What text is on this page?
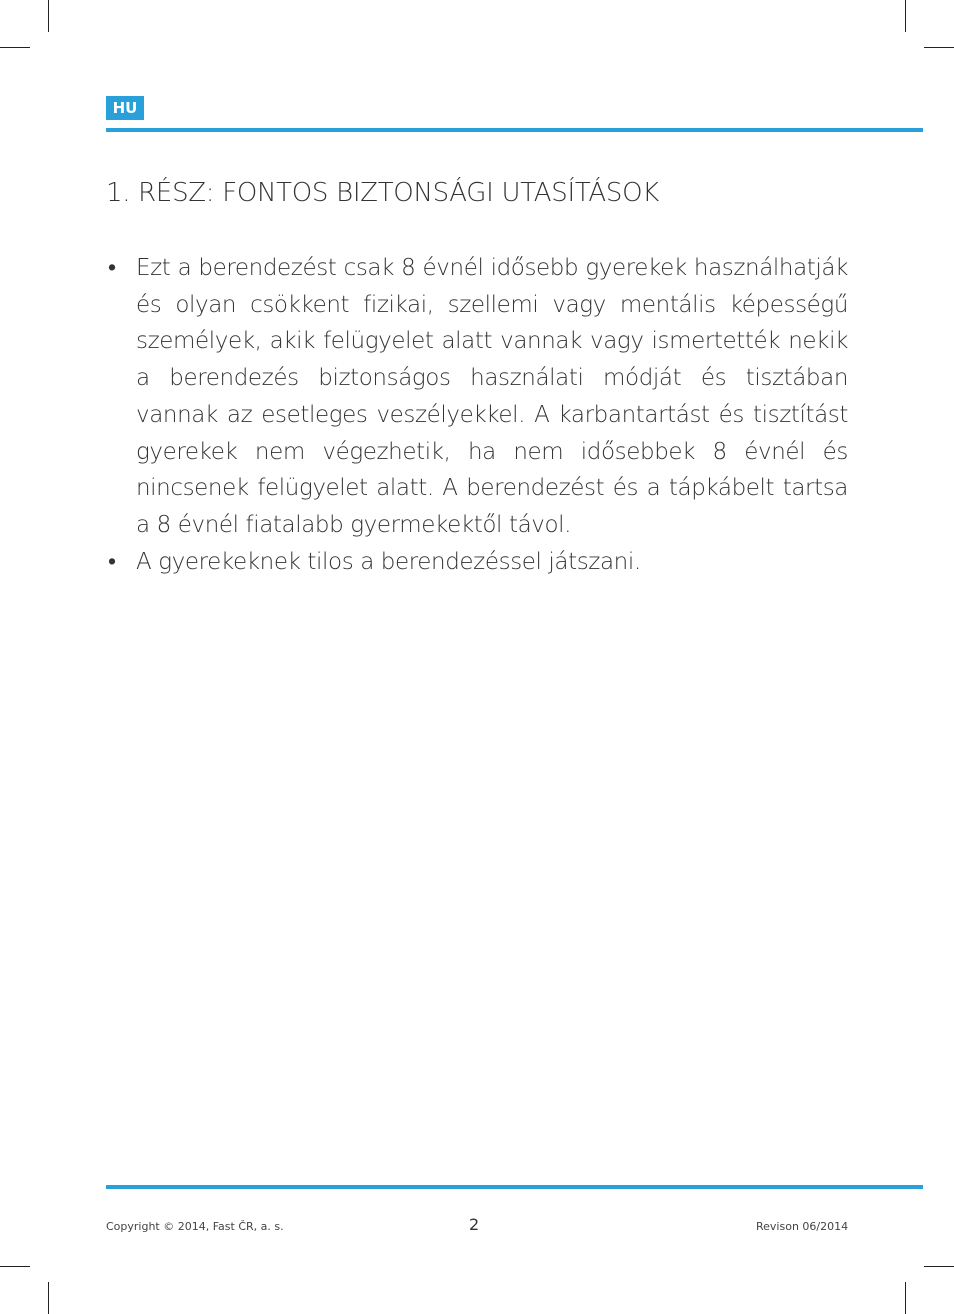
HU
1. RÉSZ: FONTOS BIZTONSÁGI UTASÍTÁSOK
• Ezt a berendezést csak 8 évnél idősebb gyerekek használhatják és olyan csökkent fizikai, szellemi vagy mentális képességű személyek, akik felügyelet alatt vannak vagy ismertették nekik a berendezés biztonságos használati módját és tisztában vannak az esetleges veszélyekkel. A karbantartást és tisztítást gyerekek nem végezhetik, ha nem idősebbek 8 évnél és nincsenek felügyelet alatt. A berendezést és a tápkábelt tartsa a 8 évnél fiatalabb gyermekektől távol.
• A gyerekeknek tilos a berendezéssel játszani.
Copyright © 2014, Fast ČR, a. s.	2	Revison 06/2014
